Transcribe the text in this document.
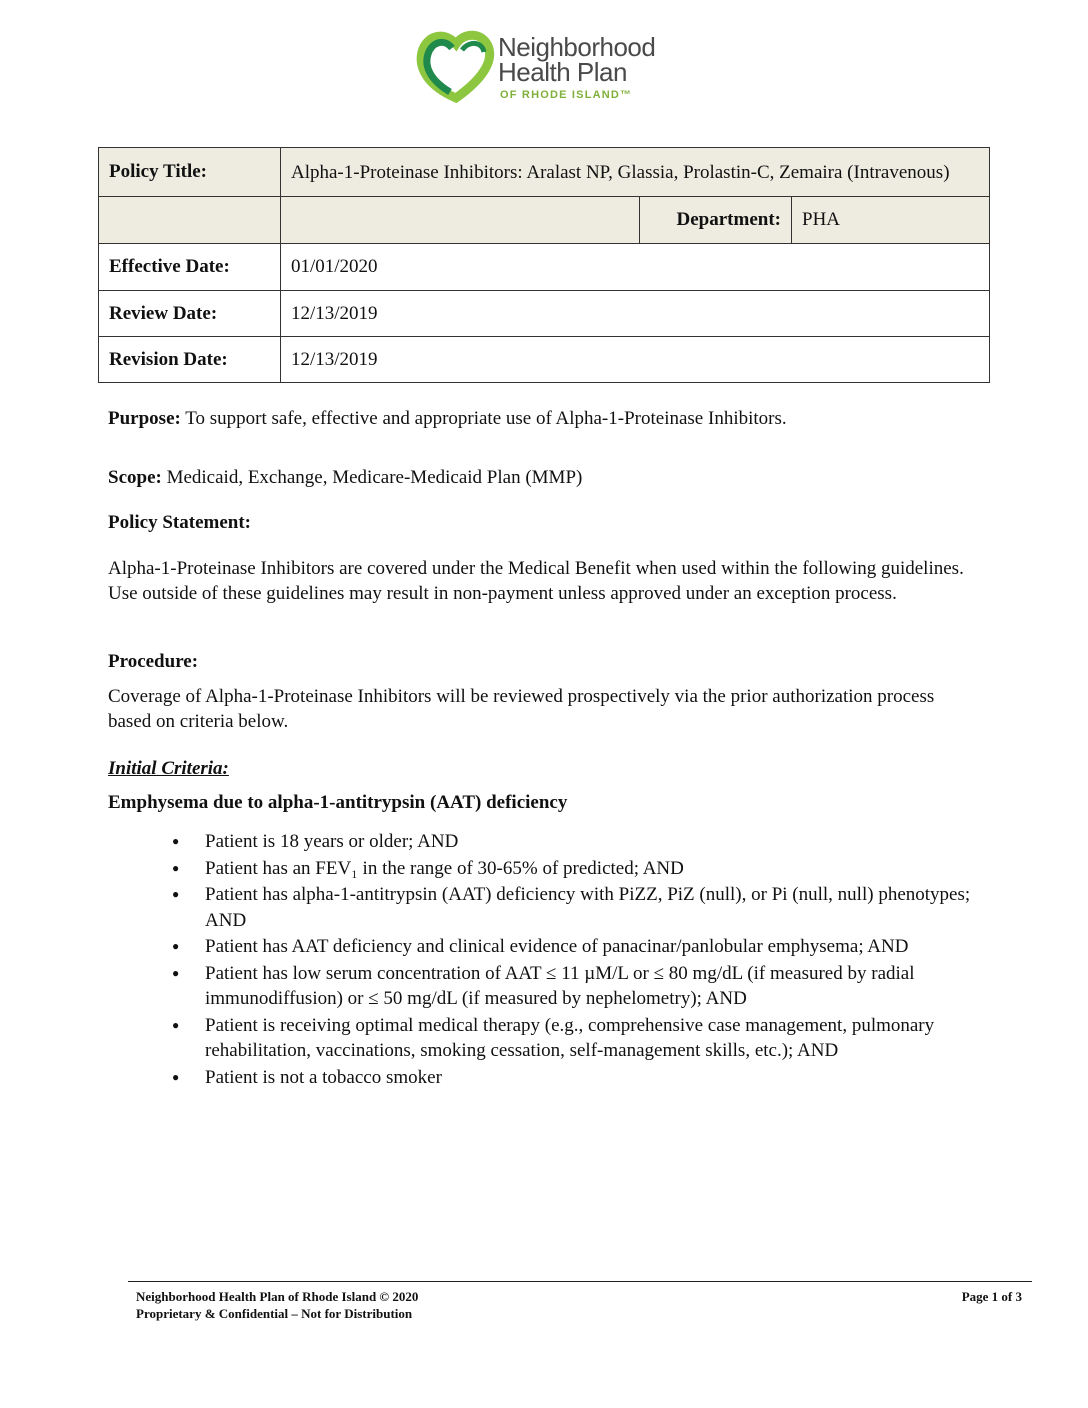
Neighborhood
Health Plan
OF RHODE ISLAND™
Policy Title:	Alpha-1-Proteinase Inhibitors: Aralast NP, Glassia, Prolastin-C, Zemaira (Intravenous)		
		Department:	PHA
Effective Date:	01/01/2020		
Review Date:	12/13/2019		
Revision Date:	12/13/2019		
Purpose: To support safe, effective and appropriate use of Alpha-1-Proteinase Inhibitors.
Scope: Medicaid, Exchange, Medicare-Medicaid Plan (MMP)
Policy Statement:
Alpha-1-Proteinase Inhibitors are covered under the Medical Benefit when used within the following guidelines. Use outside of these guidelines may result in non-payment unless approved under an exception process.
Procedure:
Coverage of Alpha-1-Proteinase Inhibitors will be reviewed prospectively via the prior authorization process based on criteria below.
Initial Criteria:
Emphysema due to alpha-1-antitrypsin (AAT) deficiency
● Patient is 18 years or older; AND
● Patient has an FEV₁ in the range of 30-65% of predicted; AND
● Patient has alpha-1-antitrypsin (AAT) deficiency with PiZZ, PiZ (null), or Pi (null, null) phenotypes; AND
● Patient has AAT deficiency and clinical evidence of panacinar/panlobular emphysema; AND
● Patient has low serum concentration of AAT ≤ 11 µM/L or ≤ 80 mg/dL (if measured by radial immunodiffusion) or ≤ 50 mg/dL (if measured by nephelometry); AND
● Patient is receiving optimal medical therapy (e.g., comprehensive case management, pulmonary rehabilitation, vaccinations, smoking cessation, self-management skills, etc.); AND
● Patient is not a tobacco smoker
Neighborhood Health Plan of Rhode Island © 2020
Proprietary & Confidential – Not for Distribution
Page 1 of 3
